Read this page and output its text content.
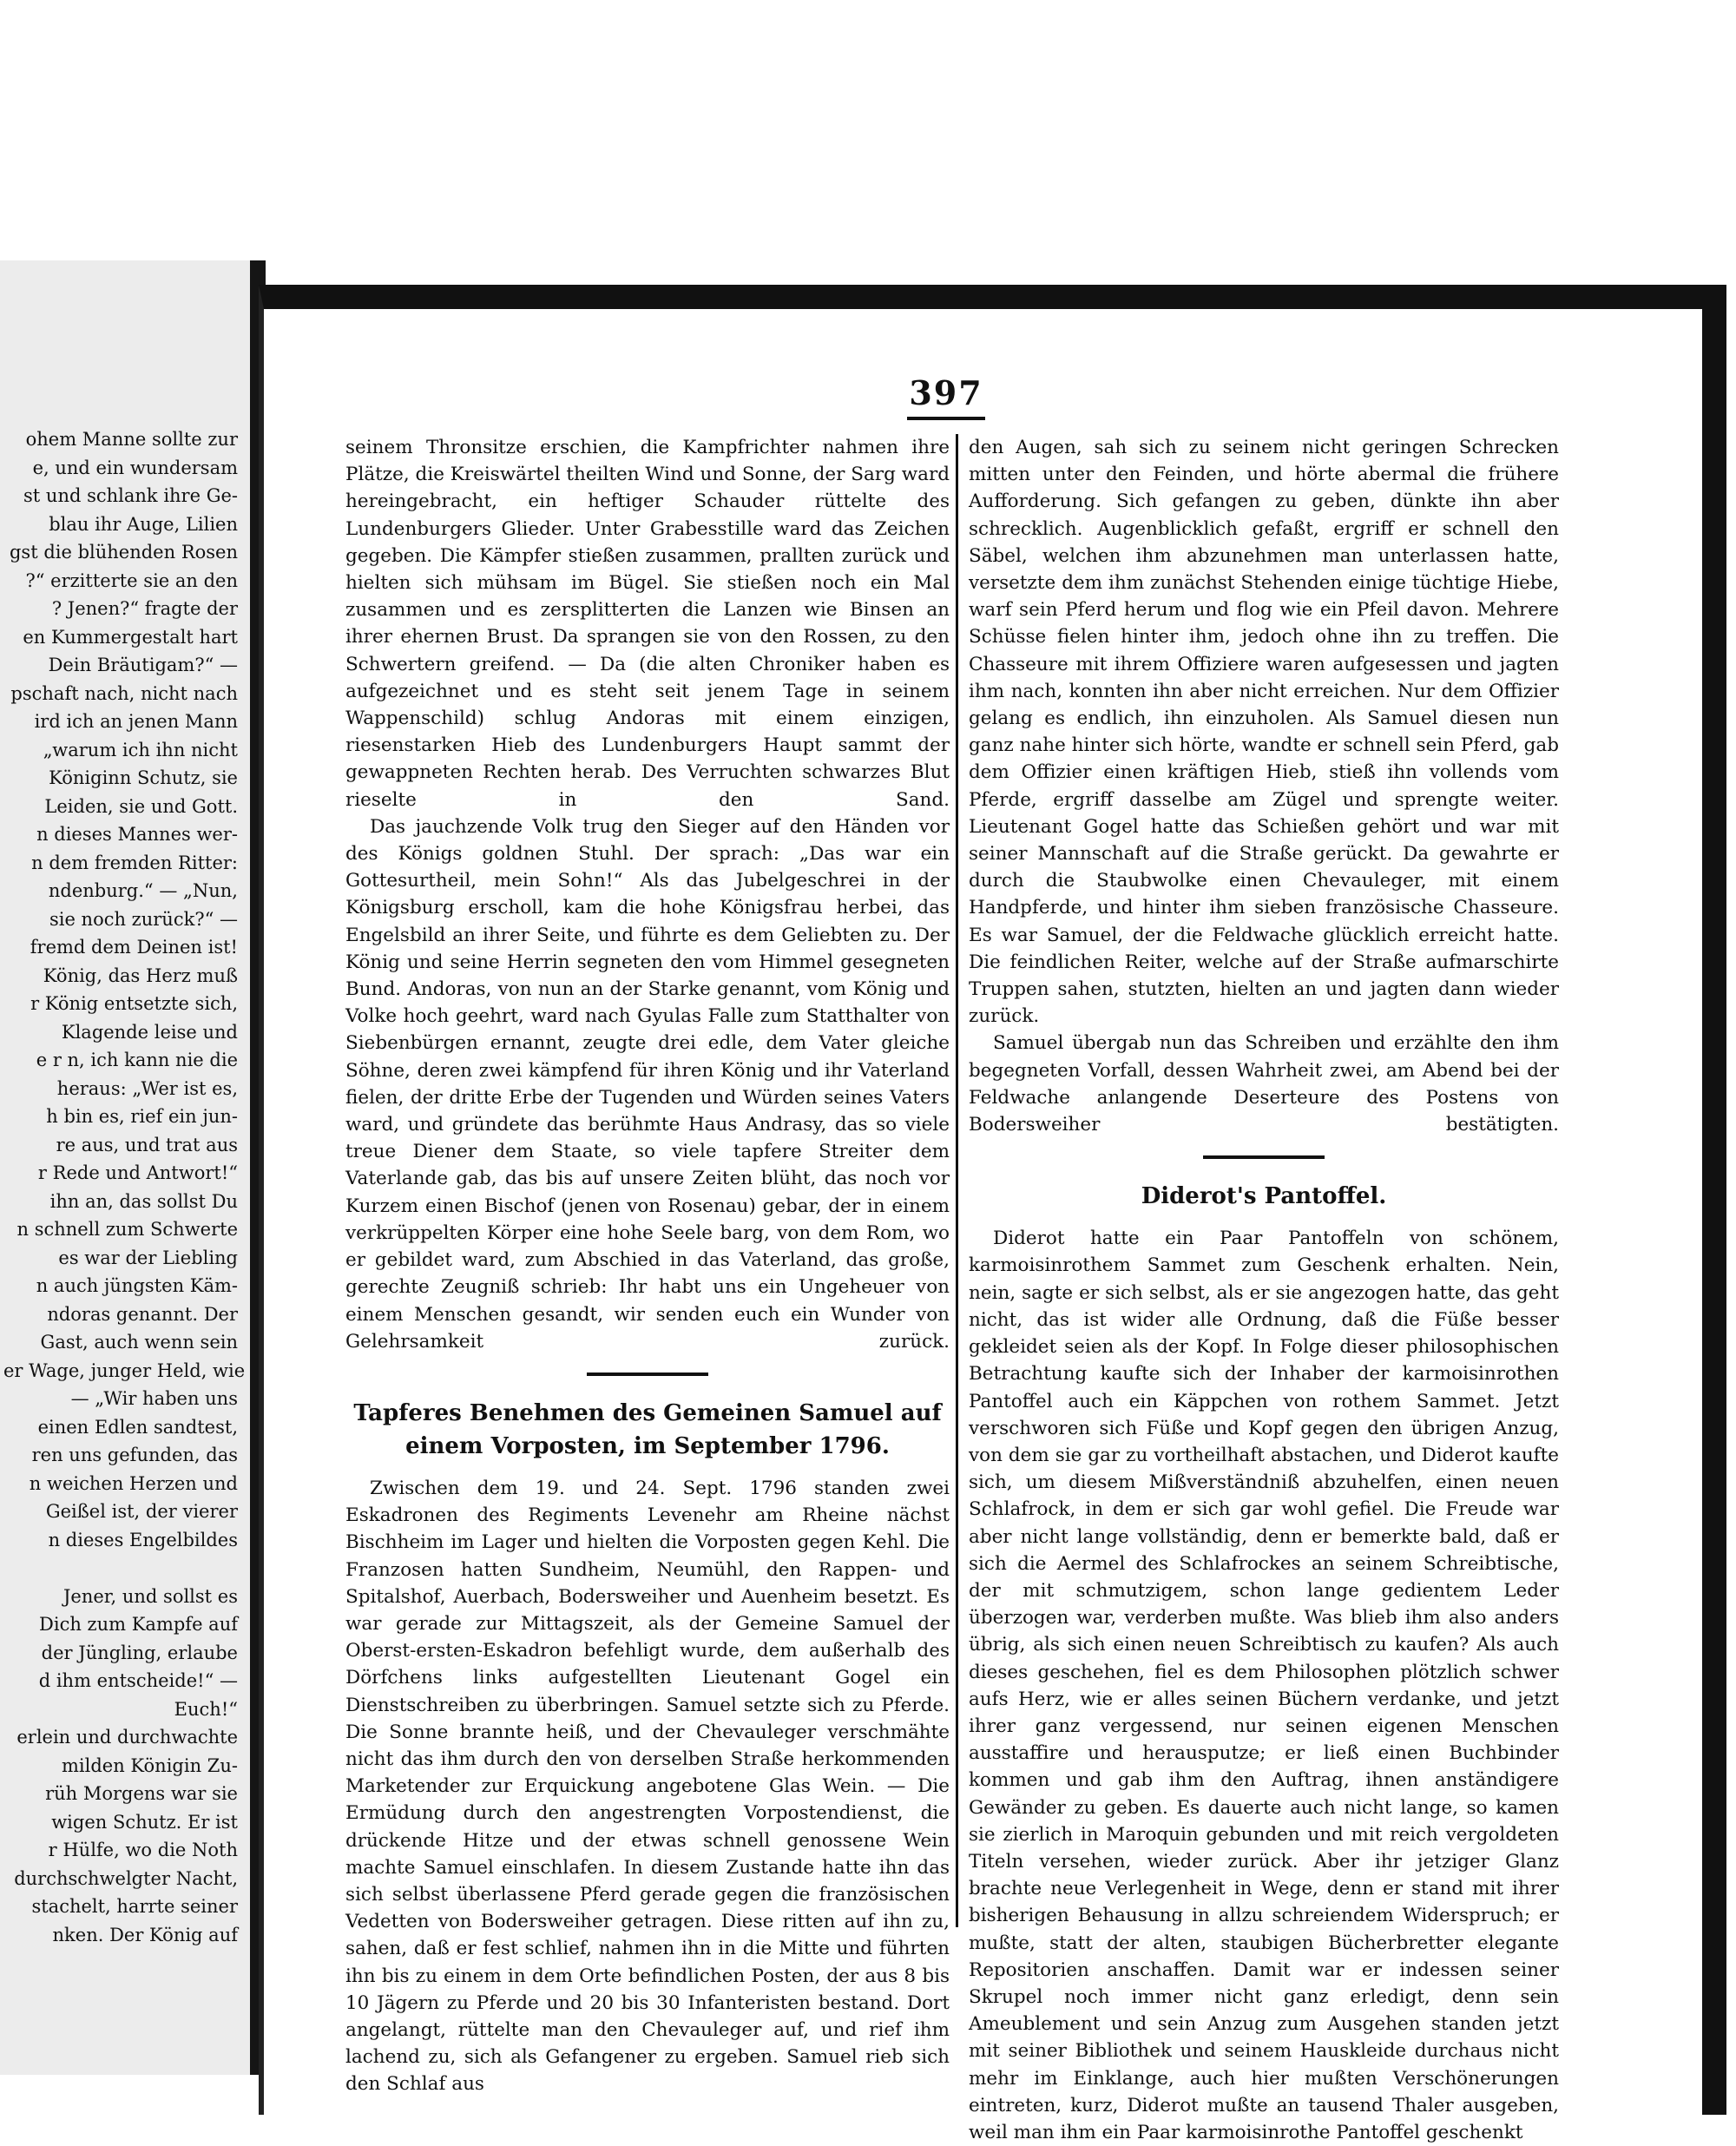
ohem Manne sollte zur
e, und ein wundersam
st und schlank ihre Ge-
blau ihr Auge, Lilien
gst die blühenden Rosen
?“ erzitterte sie an den
? Jenen?“ fragte der
en Kummergestalt hart
Dein Bräutigam?“ —
pschaft nach, nicht nach
ird ich an jenen Mann
„warum ich ihn nicht
Königinn Schutz, sie
Leiden, sie und Gott.
n dieses Mannes wer-
n dem fremden Ritter:
ndenburg.“ — „Nun,
sie noch zurück?“ —
fremd dem Deinen ist!
König, das Herz muß
r König entsetzte sich,
Klagende leise und
e r n, ich kann nie die
heraus: „Wer ist es,
h bin es, rief ein jun-
re aus, und trat aus
r Rede und Antwort!“
ihn an, das sollst Du
n schnell zum Schwerte
es war der Liebling
n auch jüngsten Käm-
ndoras genannt. Der
Gast, auch wenn sein
er Wage, junger Held, wie
— „Wir haben uns
einen Edlen sandtest,
ren uns gefunden, das
n weichen Herzen und
Geißel ist, der vierer
n dieses Engelbildes
Jener, und sollst es
Dich zum Kampfe auf
der Jüngling, erlaube
d ihm entscheide!“ —
Euch!“
erlein und durchwachte
milden Königin Zu-
rüh Morgens war sie
wigen Schutz. Er ist
r Hülfe, wo die Noth
durchschwelgter Nacht,
stachelt, harrte seiner
nken. Der König auf
397

seinem Thronsitze erschien, die Kampfrichter nahmen ihre Plätze, die Kreiswärtel theilten Wind und Sonne, der Sarg ward hereingebracht, ein heftiger Schauder rüttelte des Lundenburgers Glieder. Unter Grabesstille ward das Zeichen gegeben. Die Kämpfer stießen zusammen, prallten zurück und hielten sich mühsam im Bügel. Sie stießen noch ein Mal zusammen und es zersplitterten die Lanzen wie Binsen an ihrer ehernen Brust. Da sprangen sie von den Rossen, zu den Schwertern greifend. — Da (die alten Chroniker haben es aufgezeichnet und es steht seit jenem Tage in seinem Wappenschild) schlug Andoras mit einem einzigen, riesenstarken Hieb des Lundenburgers Haupt sammt der gewappneten Rechten herab. Des Verruchten schwarzes Blut rieselte in den Sand.

Das jauchzende Volk trug den Sieger auf den Händen vor des Königs goldnen Stuhl. Der sprach: „Das war ein Gottesurtheil, mein Sohn!“ Als das Jubelgeschrei in der Königsburg erscholl, kam die hohe Königsfrau herbei, das Engelsbild an ihrer Seite, und führte es dem Geliebten zu. Der König und seine Herrin segneten den vom Himmel gesegneten Bund. Andoras, von nun an der Starke genannt, vom König und Volke hoch geehrt, ward nach Gyulas Falle zum Statthalter von Siebenbürgen ernannt, zeugte drei edle, dem Vater gleiche Söhne, deren zwei kämpfend für ihren König und ihr Vaterland fielen, der dritte Erbe der Tugenden und Würden seines Vaters ward, und gründete das berühmte Haus Andrasy, das so viele treue Diener dem Staate, so viele tapfere Streiter dem Vaterlande gab, das bis auf unsere Zeiten blüht, das noch vor Kurzem einen Bischof (jenen von Rosenau) gebar, der in einem verkrüppelten Körper eine hohe Seele barg, von dem Rom, wo er gebildet ward, zum Abschied in das Vaterland, das große, gerechte Zeugniß schrieb: Ihr habt uns ein Ungeheuer von einem Menschen gesandt, wir senden euch ein Wunder von Gelehrsamkeit zurück.

Tapferes Benehmen des Gemeinen Samuel auf einem Vorposten, im September 1796.

Zwischen dem 19. und 24. Sept. 1796 standen zwei Eskadronen des Regiments Levenehr am Rheine nächst Bischheim im Lager und hielten die Vorposten gegen Kehl. Die Franzosen hatten Sundheim, Neumühl, den Rappen- und Spitalshof, Auerbach, Bodersweiher und Auenheim besetzt. Es war gerade zur Mittagszeit, als der Gemeine Samuel der Oberst-ersten-Eskadron befehligt wurde, dem außerhalb des Dörfchens links aufgestellten Lieutenant Gogel ein Dienstschreiben zu überbringen. Samuel setzte sich zu Pferde. Die Sonne brannte heiß, und der Chevauleger verschmähte nicht das ihm durch den von derselben Straße herkommenden Marketender zur Erquickung angebotene Glas Wein. — Die Ermüdung durch den angestrengten Vorpostendienst, die drückende Hitze und der etwas schnell genossene Wein machte Samuel einschlafen. In diesem Zustande hatte ihn das sich selbst überlassene Pferd gerade gegen die französischen Vedetten von Bodersweiher getragen. Diese ritten auf ihn zu, sahen, daß er fest schlief, nahmen ihn in die Mitte und führten ihn bis zu einem in dem Orte befindlichen Posten, der aus 8 bis 10 Jägern zu Pferde und 20 bis 30 Infanteristen bestand. Dort angelangt, rüttelte man den Chevauleger auf, und rief ihm lachend zu, sich als Gefangener zu ergeben. Samuel rieb sich den Schlaf aus

den Augen, sah sich zu seinem nicht geringen Schrecken mitten unter den Feinden, und hörte abermal die frühere Aufforderung. Sich gefangen zu geben, dünkte ihn aber schrecklich. Augenblicklich gefaßt, ergriff er schnell den Säbel, welchen ihm abzunehmen man unterlassen hatte, versetzte dem ihm zunächst Stehenden einige tüchtige Hiebe, warf sein Pferd herum und flog wie ein Pfeil davon. Mehrere Schüsse fielen hinter ihm, jedoch ohne ihn zu treffen. Die Chasseure mit ihrem Offiziere waren aufgesessen und jagten ihm nach, konnten ihn aber nicht erreichen. Nur dem Offizier gelang es endlich, ihn einzuholen. Als Samuel diesen nun ganz nahe hinter sich hörte, wandte er schnell sein Pferd, gab dem Offizier einen kräftigen Hieb, stieß ihn vollends vom Pferde, ergriff dasselbe am Zügel und sprengte weiter. Lieutenant Gogel hatte das Schießen gehört und war mit seiner Mannschaft auf die Straße gerückt. Da gewahrte er durch die Staubwolke einen Chevauleger, mit einem Handpferde, und hinter ihm sieben französische Chasseure. Es war Samuel, der die Feldwache glücklich erreicht hatte. Die feindlichen Reiter, welche auf der Straße aufmarschirte Truppen sahen, stutzten, hielten an und jagten dann wieder zurück.

Samuel übergab nun das Schreiben und erzählte den ihm begegneten Vorfall, dessen Wahrheit zwei, am Abend bei der Feldwache anlangende Deserteure des Postens von Bodersweiher bestätigten.

Diderot's Pantoffel.

Diderot hatte ein Paar Pantoffeln von schönem, karmoisinrothem Sammet zum Geschenk erhalten. Nein, nein, sagte er sich selbst, als er sie angezogen hatte, das geht nicht, das ist wider alle Ordnung, daß die Füße besser gekleidet seien als der Kopf. In Folge dieser philosophischen Betrachtung kaufte sich der Inhaber der karmoisinrothen Pantoffel auch ein Käppchen von rothem Sammet. Jetzt verschworen sich Füße und Kopf gegen den übrigen Anzug, von dem sie gar zu vortheilhaft abstachen, und Diderot kaufte sich, um diesem Mißverständniß abzuhelfen, einen neuen Schlafrock, in dem er sich gar wohl gefiel. Die Freude war aber nicht lange vollständig, denn er bemerkte bald, daß er sich die Aermel des Schlafrockes an seinem Schreibtische, der mit schmutzigem, schon lange gedientem Leder überzogen war, verderben mußte. Was blieb ihm also anders übrig, als sich einen neuen Schreibtisch zu kaufen? Als auch dieses geschehen, fiel es dem Philosophen plötzlich schwer aufs Herz, wie er alles seinen Büchern verdanke, und jetzt ihrer ganz vergessend, nur seinen eigenen Menschen ausstaffire und herausputze; er ließ einen Buchbinder kommen und gab ihm den Auftrag, ihnen anständigere Gewänder zu geben. Es dauerte auch nicht lange, so kamen sie zierlich in Maroquin gebunden und mit reich vergoldeten Titeln versehen, wieder zurück. Aber ihr jetziger Glanz brachte neue Verlegenheit in Wege, denn er stand mit ihrer bisherigen Behausung in allzu schreiendem Widerspruch; er mußte, statt der alten, staubigen Bücherbretter elegante Repositorien anschaffen. Damit war er indessen seiner Skrupel noch immer nicht ganz erledigt, denn sein Ameublement und sein Anzug zum Ausgehen standen jetzt mit seiner Bibliothek und seinem Hauskleide durchaus nicht mehr im Einklange, auch hier mußten Verschönerungen eintreten, kurz, Diderot mußte an tausend Thaler ausgeben, weil man ihm ein Paar karmoisinrothe Pantoffel geschenkt
